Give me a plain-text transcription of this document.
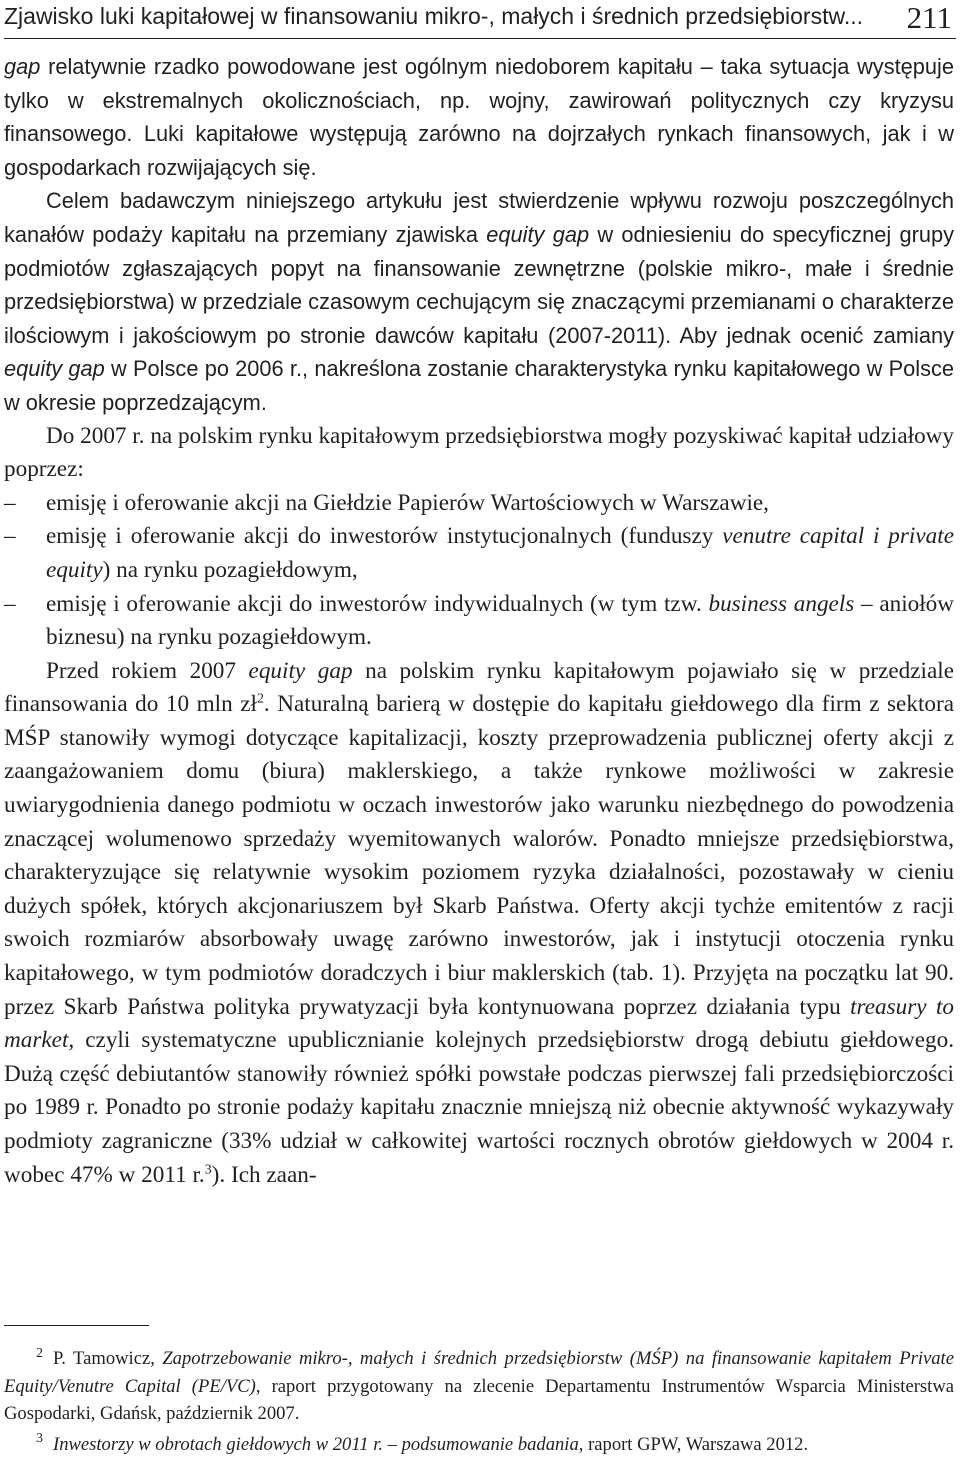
Zjawisko luki kapitałowej w finansowaniu mikro-, małych i średnich przedsiębiorstw... 211

gap relatywnie rzadko powodowane jest ogólnym niedoborem kapitału – taka sytuacja występuje tylko w ekstremalnych okolicznościach, np. wojny, zawirowań politycznych czy kryzysu finansowego. Luki kapitałowe występują zarówno na dojrzałych rynkach finansowych, jak i w gospodarkach rozwijających się.

Celem badawczym niniejszego artykułu jest stwierdzenie wpływu rozwoju poszczególnych kanałów podaży kapitału na przemiany zjawiska equity gap w odniesieniu do specyficznej grupy podmiotów zgłaszających popyt na finansowanie zewnętrzne (polskie mikro-, małe i średnie przedsiębiorstwa) w przedziale czasowym cechującym się znaczącymi przemianami o charakterze ilościowym i jakościowym po stronie dawców kapitału (2007-2011). Aby jednak ocenić zamiany equity gap w Polsce po 2006 r., nakreślona zostanie charakterystyka rynku kapitałowego w Polsce w okresie poprzedzającym.

Do 2007 r. na polskim rynku kapitałowym przedsiębiorstwa mogły pozyskiwać kapitał udziałowy poprzez:

– emisję i oferowanie akcji na Giełdzie Papierów Wartościowych w Warszawie,
– emisję i oferowanie akcji do inwestorów instytucjonalnych (funduszy venutre capital i private equity) na rynku pozagiełdowym,
– emisję i oferowanie akcji do inwestorów indywidualnych (w tym tzw. business angels – aniołów biznesu) na rynku pozagiełdowym.

Przed rokiem 2007 equity gap na polskim rynku kapitałowym pojawiało się w przedziale finansowania do 10 mln $zł^2$. Naturalną barierą w dostępie do kapitału giełdowego dla firm z sektora MŚP stanowiły wymogi dotyczące kapitalizacji, koszty przeprowadzenia publicznej oferty akcji z zaangażowaniem domu (biura) maklerskiego, a także rynkowe możliwości w zakresie uwiarygodnienia danego podmiotu w oczach inwestorów jako warunku niezbędnego do powodzenia znaczącej wolumenowo sprzedaży wyemitowanych walorów. Ponadto mniejsze przedsiębiorstwa, charakteryzujące się relatywnie wysokim poziomem ryzyka działalności, pozostawały w cieniu dużych spółek, których akcjonariuszem był Skarb Państwa. Oferty akcji tychże emitentów z racji swoich rozmiarów absorbowały uwagę zarówno inwestorów, jak i instytucji otoczenia rynku kapitałowego, w tym podmiotów doradczych i biur maklerskich (tab. 1). Przyjęta na początku lat 90. przez Skarb Państwa polityka prywatyzacji była kontynuowana poprzez działania typu treasury to market, czyli systematyczne upublicznianie kolejnych przedsiębiorstw drogą debiutu giełdowego. Dużą część debiutantów stanowiły również spółki powstałe podczas pierwszej fali przedsiębiorczości po 1989 r. Ponadto po stronie podaży kapitału znacznie mniejszą niż obecnie aktywność wykazywały podmioty zagraniczne (33% udział w całkowitej wartości rocznych obrotów giełdowych w 2004 r. wobec 47% w 2011 r.$^3$). Ich zaan-

$^2$ P. Tamowicz, Zapotrzebowanie mikro-, małych i średnich przedsiębiorstw (MŚP) na finansowanie kapitałem Private Equity/Venutre Capital (PE/VC), raport przygotowany na zlecenie Departamentu Instrumentów Wsparcia Ministerstwa Gospodarki, Gdańsk, październik 2007.

$^3$ Inwestorzy w obrotach giełdowych w 2011 r. – podsumowanie badania, raport GPW, Warszawa 2012.
